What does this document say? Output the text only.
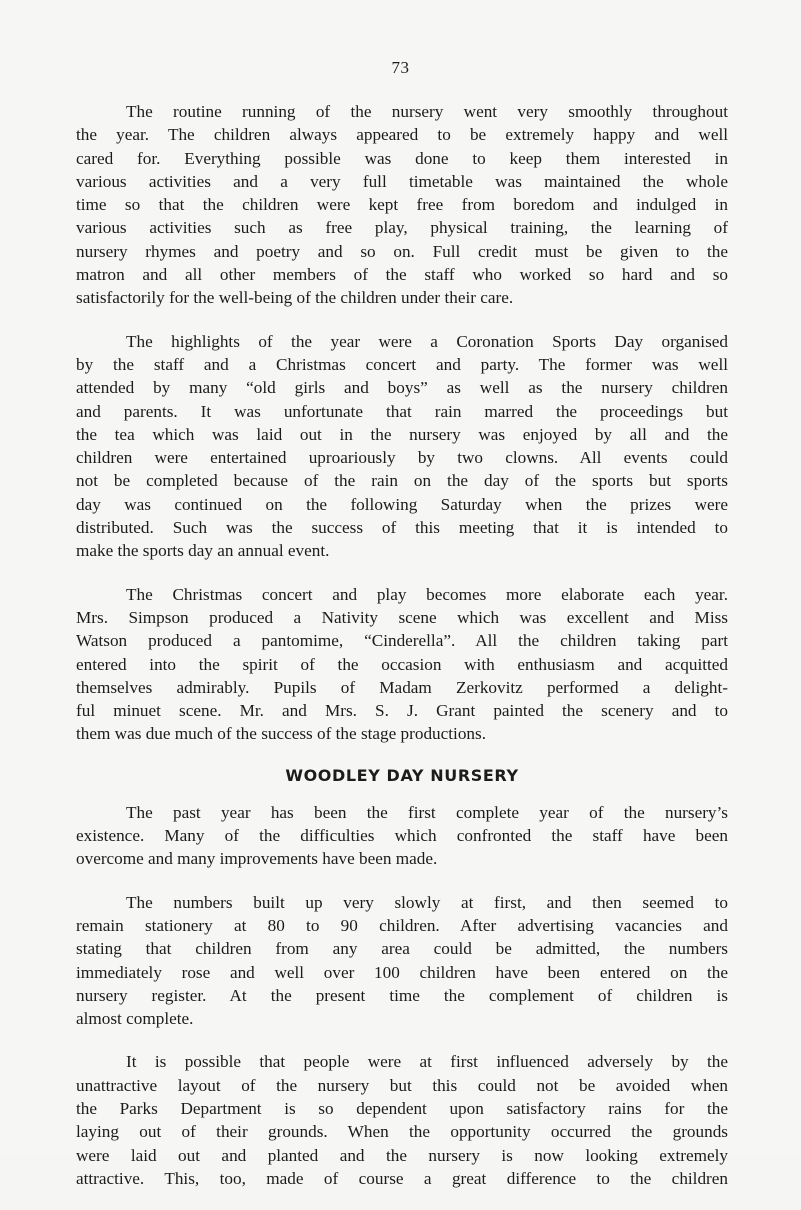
73
The routine running of the nursery went very smoothly throughout
the year. The children always appeared to be extremely happy and well
cared for. Everything possible was done to keep them interested in
various activities and a very full timetable was maintained the whole
time so that the children were kept free from boredom and indulged in
various activities such as free play, physical training, the learning of
nursery rhymes and poetry and so on. Full credit must be given to the
matron and all other members of the staff who worked so hard and so
satisfactorily for the well-being of the children under their care.
The highlights of the year were a Coronation Sports Day organised
by the staff and a Christmas concert and party. The former was well
attended by many “old girls and boys” as well as the nursery children
and parents. It was unfortunate that rain marred the proceedings but
the tea which was laid out in the nursery was enjoyed by all and the
children were entertained uproariously by two clowns. All events could
not be completed because of the rain on the day of the sports but sports
day was continued on the following Saturday when the prizes were
distributed. Such was the success of this meeting that it is intended to
make the sports day an annual event.
The Christmas concert and play becomes more elaborate each year.
Mrs. Simpson produced a Nativity scene which was excellent and Miss
Watson produced a pantomime, “Cinderella”. All the children taking part
entered into the spirit of the occasion with enthusiasm and acquitted
themselves admirably. Pupils of Madam Zerkovitz performed a delight-
ful minuet scene. Mr. and Mrs. S. J. Grant painted the scenery and to
them was due much of the success of the stage productions.
WOODLEY DAY NURSERY
The past year has been the first complete year of the nursery’s
existence. Many of the difficulties which confronted the staff have been
overcome and many improvements have been made.
The numbers built up very slowly at first, and then seemed to
remain stationery at 80 to 90 children. After advertising vacancies and
stating that children from any area could be admitted, the numbers
immediately rose and well over 100 children have been entered on the
nursery register. At the present time the complement of children is
almost complete.
It is possible that people were at first influenced adversely by the
unattractive layout of the nursery but this could not be avoided when
the Parks Department is so dependent upon satisfactory rains for the
laying out of their grounds. When the opportunity occurred the grounds
were laid out and planted and the nursery is now looking extremely
attractive. This, too, made of course a great difference to the children
